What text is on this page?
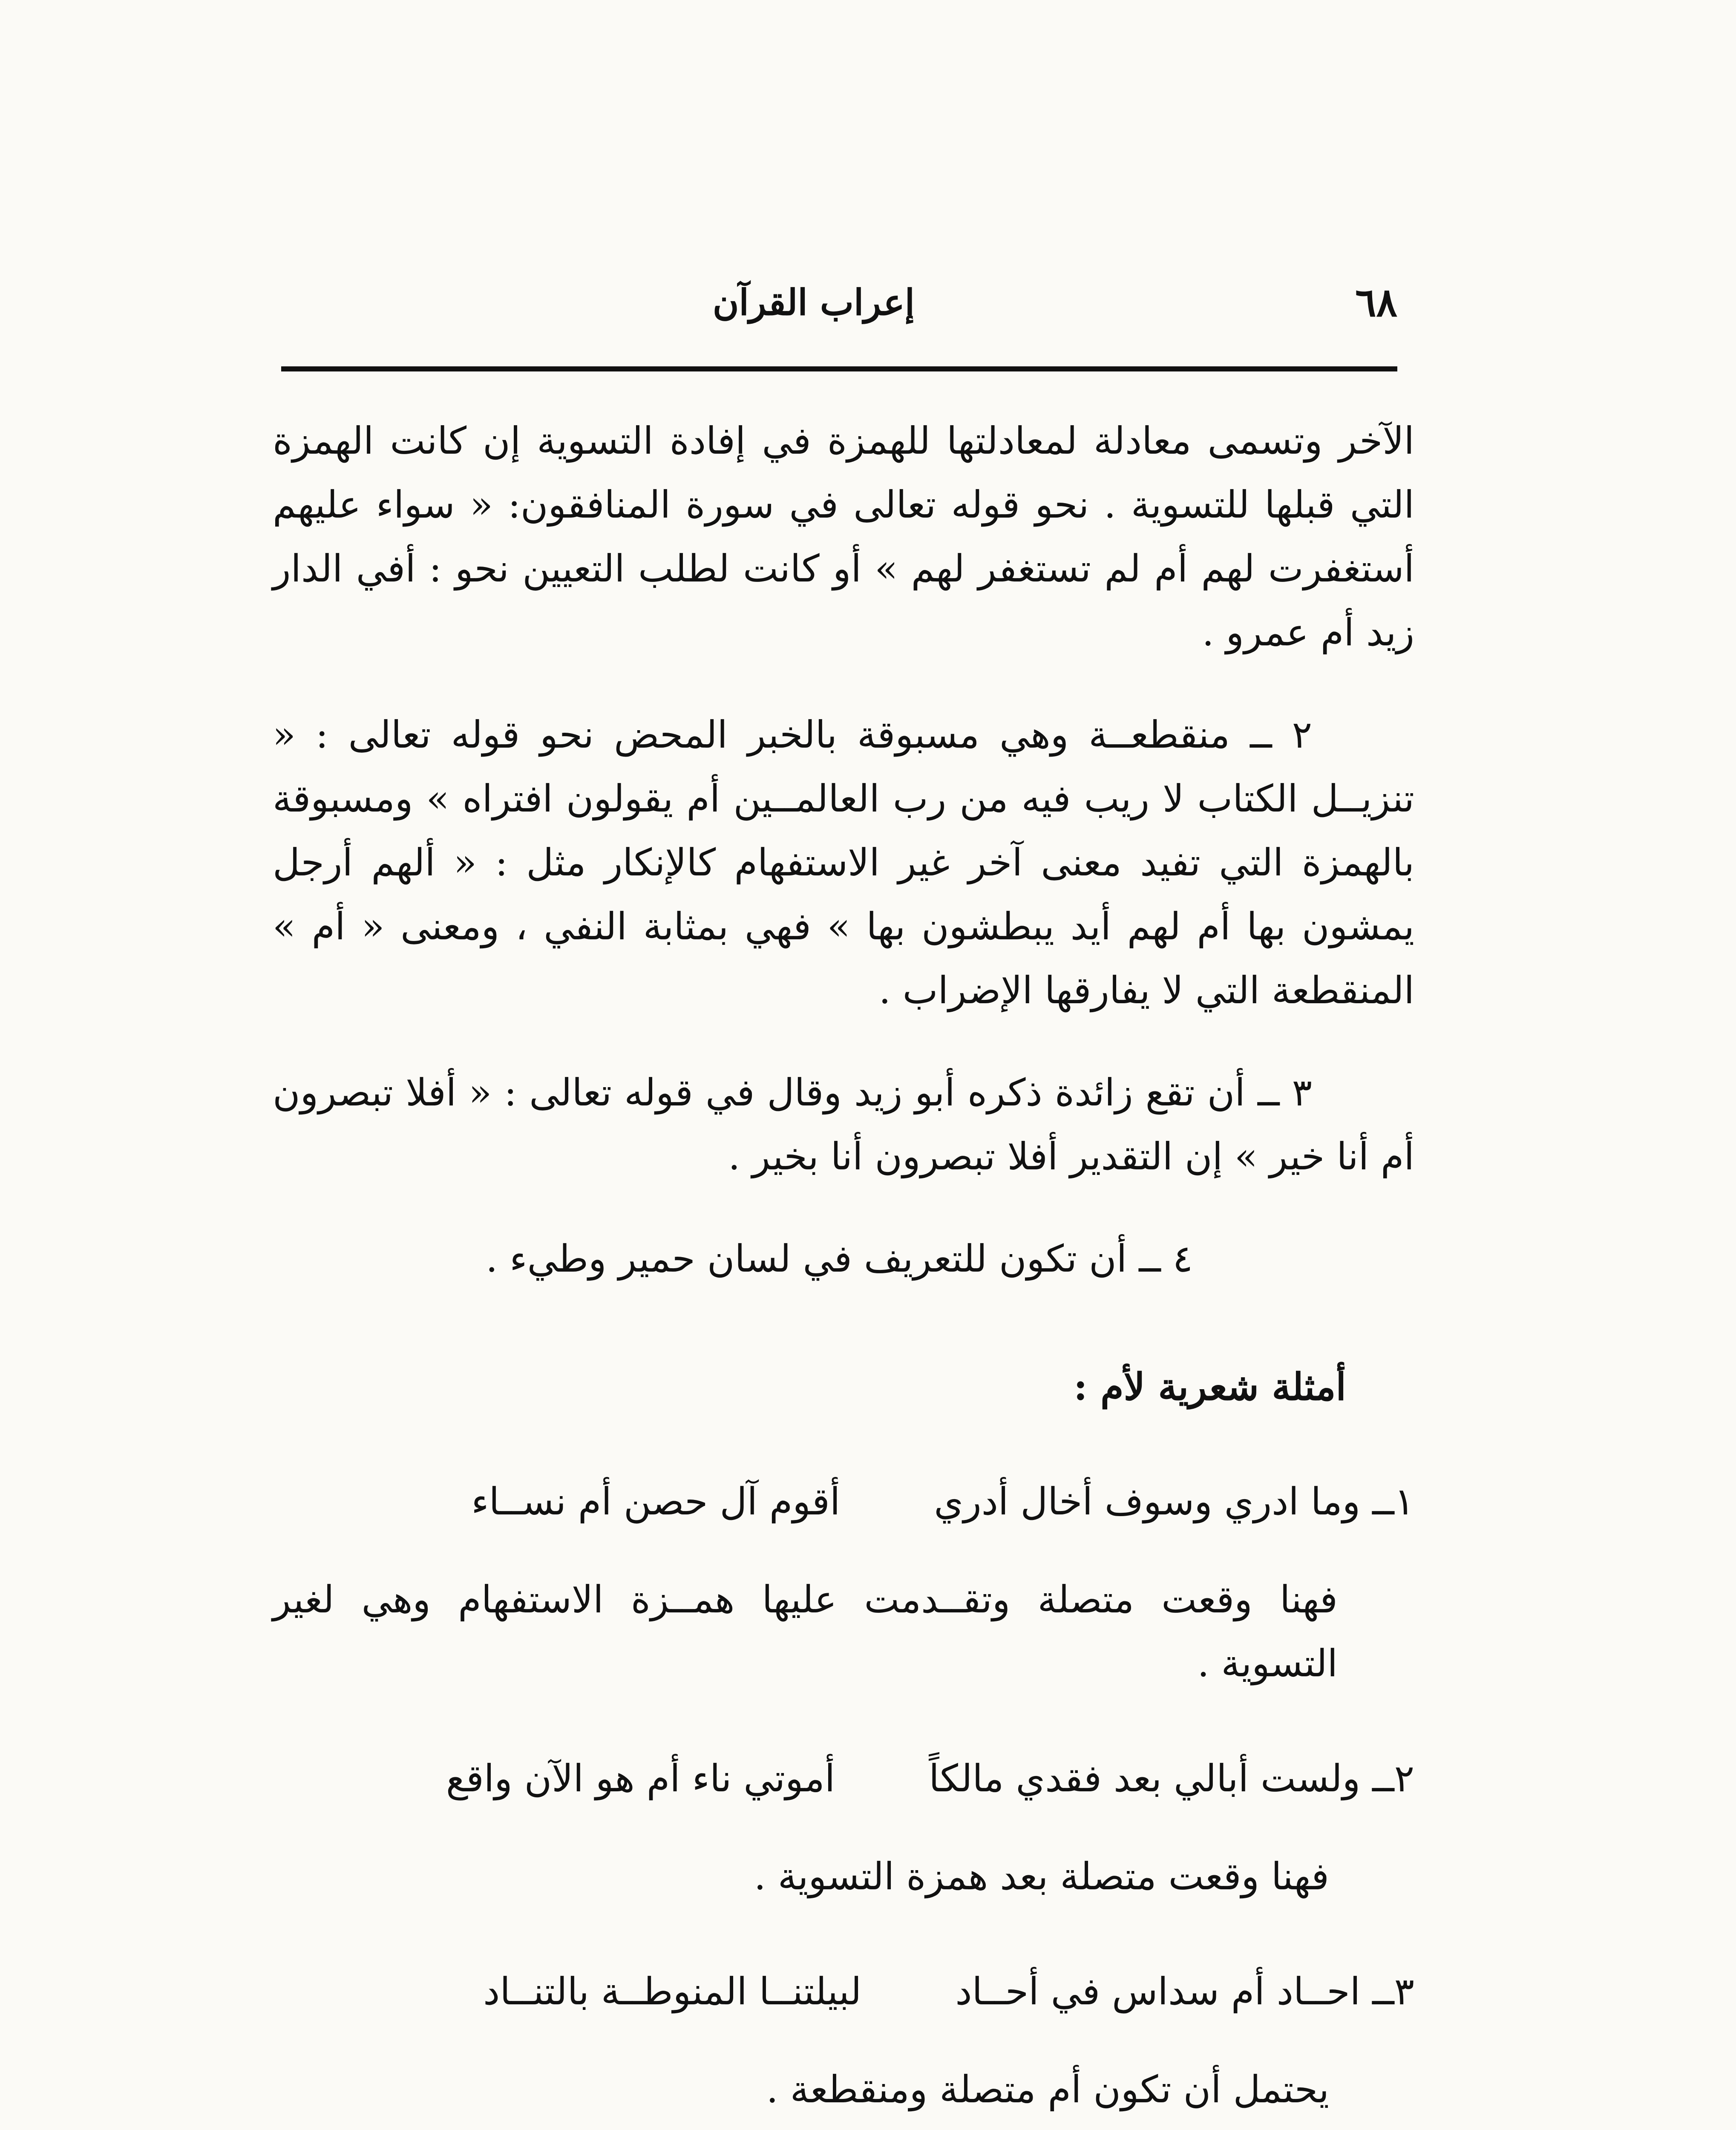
٦٨
إعراب القرآن

الآخر وتسمى معادلة لمعادلتها للهمزة في إفادة التسوية إن كانت الهمزة التي قبلها للتسوية . نحو قوله تعالى في سورة المنافقون: « سواء عليهم أستغفرت لهم أم لم تستغفر لهم » أو كانت لطلب التعيين نحو : أفي الدار زيد أم عمرو .

٢ ــ منقطعــة وهي مسبوقة بالخبر المحض نحو قوله تعالى : « تنزيــل الكتاب لا ريب فيه من رب العالمــين أم يقولون افتراه » ومسبوقة بالهمزة التي تفيد معنى آخر غير الاستفهام كالإنكار مثل : « ألهم أرجل يمشون بها أم لهم أيد يبطشون بها » فهي بمثابة النفي ، ومعنى « أم » المنقطعة التي لا يفارقها الإضراب .

٣ ــ أن تقع زائدة ذكره أبو زيد وقال في قوله تعالى : « أفلا تبصرون أم أنا خير » إن التقدير أفلا تبصرون أنا بخير .

٤ ــ أن تكون للتعريف في لسان حمير وطيء .

أمثلة شعرية لأم :

١ــ وما ادري وسوف أخال أدري
أقوم آل حصن أم نســاء

فهنا وقعت متصلة وتقــدمت عليها همــزة الاستفهام وهي لغير التسوية .

٢ــ ولست أبالي بعد فقدي مالكاً
أموتي ناء أم هو الآن واقع

فهنا وقعت متصلة بعد همزة التسوية .

٣ــ احــاد أم سداس في أحــاد
لبيلتنــا المنوطــة بالتنــاد

يحتمل أن تكون أم متصلة ومنقطعة .
